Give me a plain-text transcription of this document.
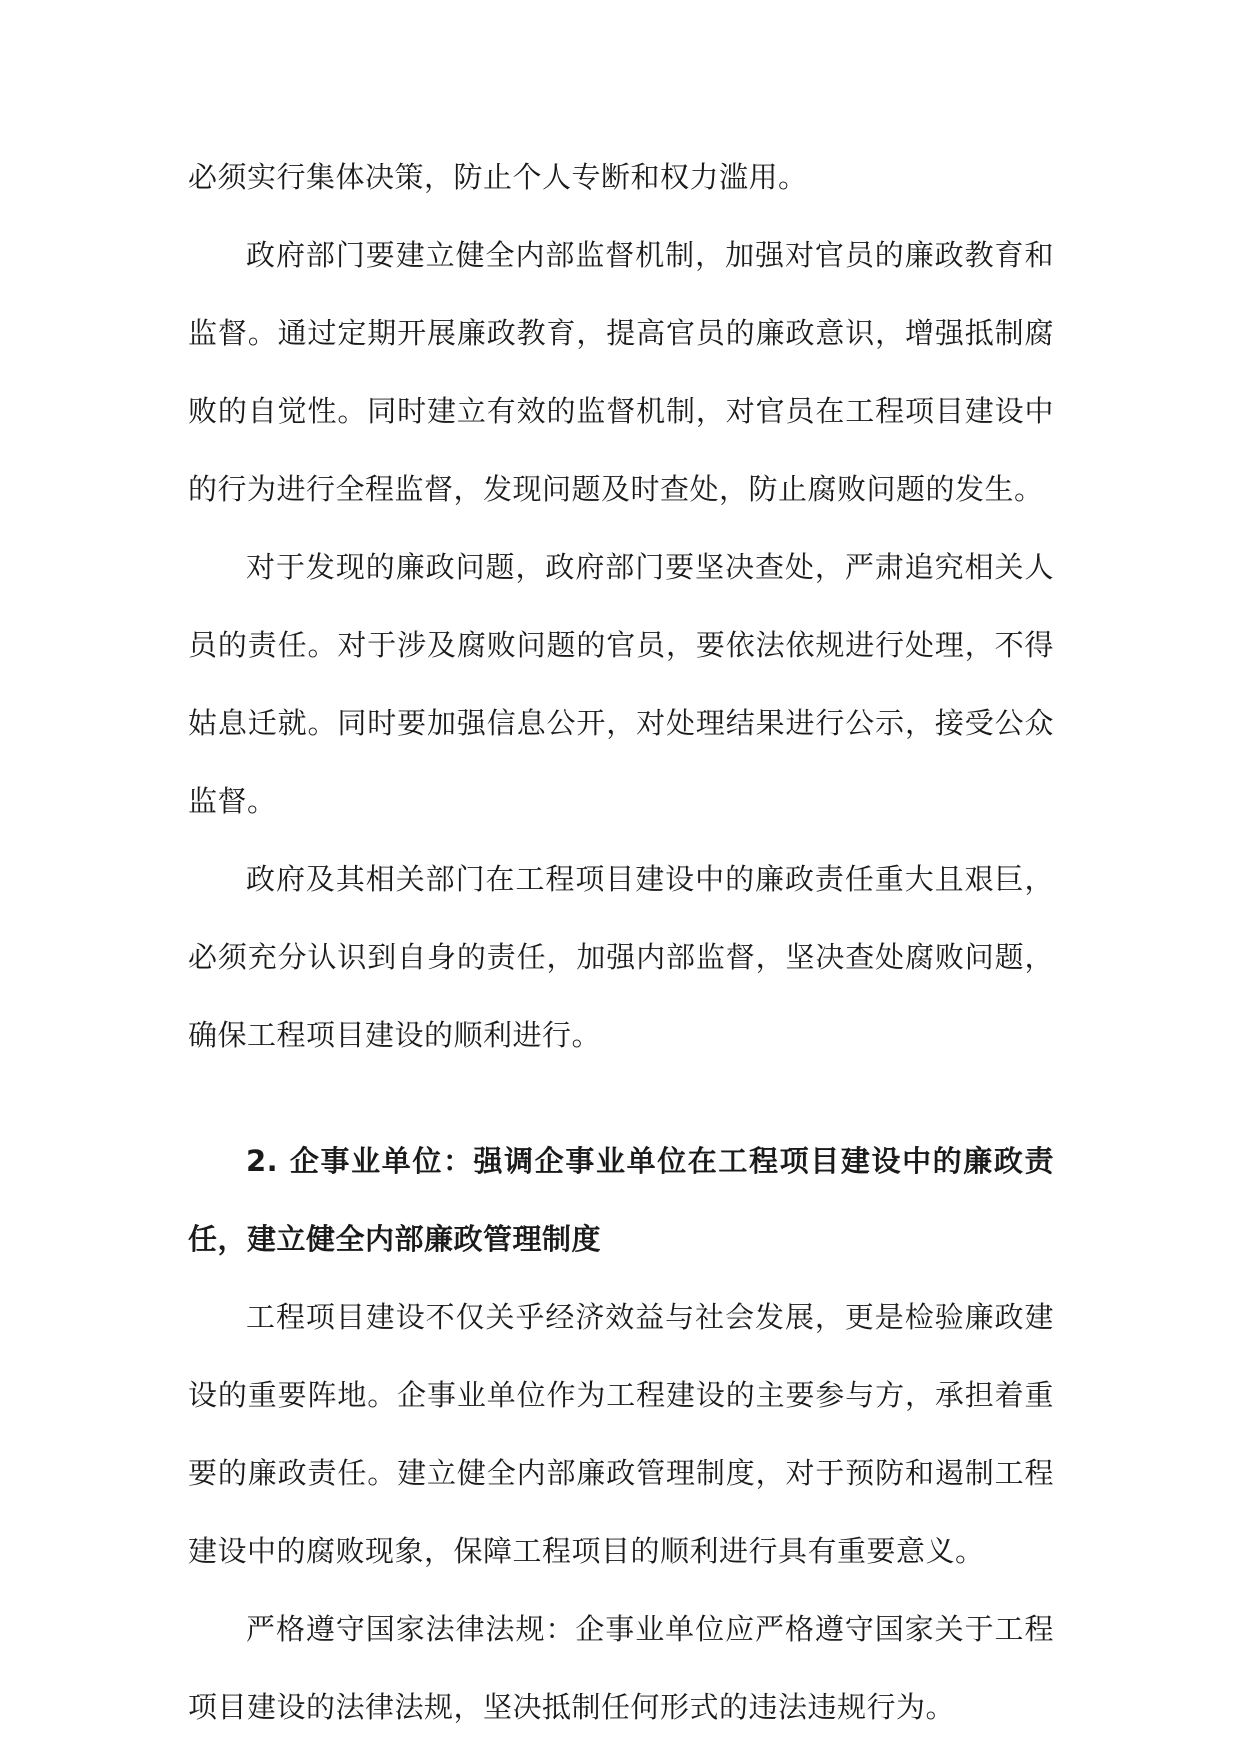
必须实行集体决策，防止个人专断和权力滥用。

政府部门要建立健全内部监督机制，加强对官员的廉政教育和监督。通过定期开展廉政教育，提高官员的廉政意识，增强抵制腐败的自觉性。同时建立有效的监督机制，对官员在工程项目建设中的行为进行全程监督，发现问题及时查处，防止腐败问题的发生。

对于发现的廉政问题，政府部门要坚决查处，严肃追究相关人员的责任。对于涉及腐败问题的官员，要依法依规进行处理，不得姑息迁就。同时要加强信息公开，对处理结果进行公示，接受公众监督。

政府及其相关部门在工程项目建设中的廉政责任重大且艰巨，必须充分认识到自身的责任，加强内部监督，坚决查处腐败问题，确保工程项目建设的顺利进行。

2. 企事业单位：强调企事业单位在工程项目建设中的廉政责任，建立健全内部廉政管理制度

工程项目建设不仅关乎经济效益与社会发展，更是检验廉政建设的重要阵地。企事业单位作为工程建设的主要参与方，承担着重要的廉政责任。建立健全内部廉政管理制度，对于预防和遏制工程建设中的腐败现象，保障工程项目的顺利进行具有重要意义。

严格遵守国家法律法规：企事业单位应严格遵守国家关于工程项目建设的法律法规，坚决抵制任何形式的违法违规行为。
